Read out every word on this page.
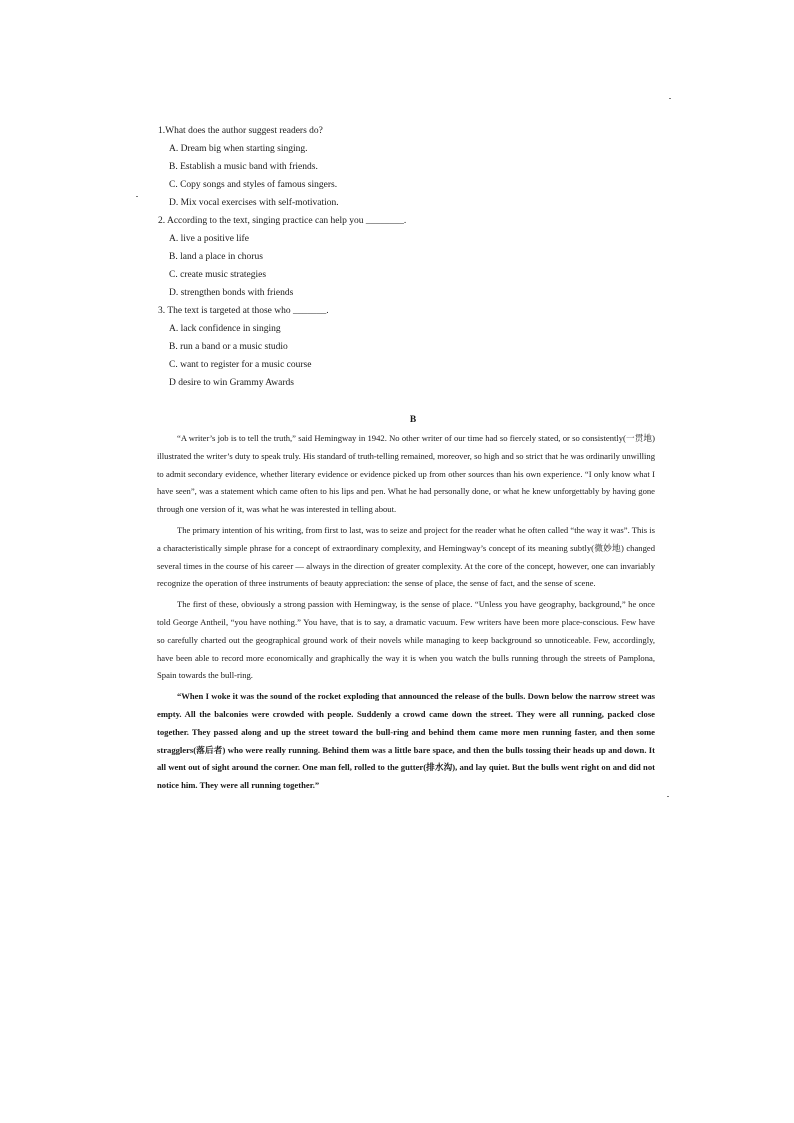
1.What does the author suggest readers do?
A. Dream big when starting singing.
B. Establish a music band with friends.
C. Copy songs and styles of famous singers.
D. Mix vocal exercises with self-motivation.
2. According to the text, singing practice can help you ________.
A. live a positive life
B. land a place in chorus
C. create music strategies
D. strengthen bonds with friends
3. The text is targeted at those who _______.
A. lack confidence in singing
B. run a band or a music studio
C. want to register for a music course
D desire to win Grammy Awards
B

“A writer’s job is to tell the truth,” said Hemingway in 1942. No other writer of our time had so fiercely stated, or so consistently(一贯地) illustrated the writer’s duty to speak truly. His standard of truth-telling remained, moreover, so high and so strict that he was ordinarily unwilling to admit secondary evidence, whether literary evidence or evidence picked up from other sources than his own experience. “I only know what I have seen”, was a statement which came often to his lips and pen. What he had personally done, or what he knew unforgettably by having gone through one version of it, was what he was interested in telling about.

The primary intention of his writing, from first to last, was to seize and project for the reader what he often called “the way it was”. This is a characteristically simple phrase for a concept of extraordinary complexity, and Hemingway’s concept of its meaning subtly(微妙地) changed several times in the course of his career — always in the direction of greater complexity. At the core of the concept, however, one can invariably recognize the operation of three instruments of beauty appreciation: the sense of place, the sense of fact, and the sense of scene.

The first of these, obviously a strong passion with Hemingway, is the sense of place. “Unless you have geography, background,” he once told George Antheil, “you have nothing.” You have, that is to say, a dramatic vacuum. Few writers have been more place-conscious. Few have so carefully charted out the geographical ground work of their novels while managing to keep background so unnoticeable. Few, accordingly, have been able to record more economically and graphically the way it is when you watch the bulls running through the streets of Pamplona, Spain towards the bull-ring.

“When I woke it was the sound of the rocket exploding that announced the release of the bulls. Down below the narrow street was empty. All the balconies were crowded with people. Suddenly a crowd came down the street. They were all running, packed close together. They passed along and up the street toward the bull-ring and behind them came more men running faster, and then some stragglers(落后者) who were really running. Behind them was a little bare space, and then the bulls tossing their heads up and down. It all went out of sight around the corner. One man fell, rolled to the gutter(排水沟), and lay quiet. But the bulls went right on and did not notice him. They were all running together.”
